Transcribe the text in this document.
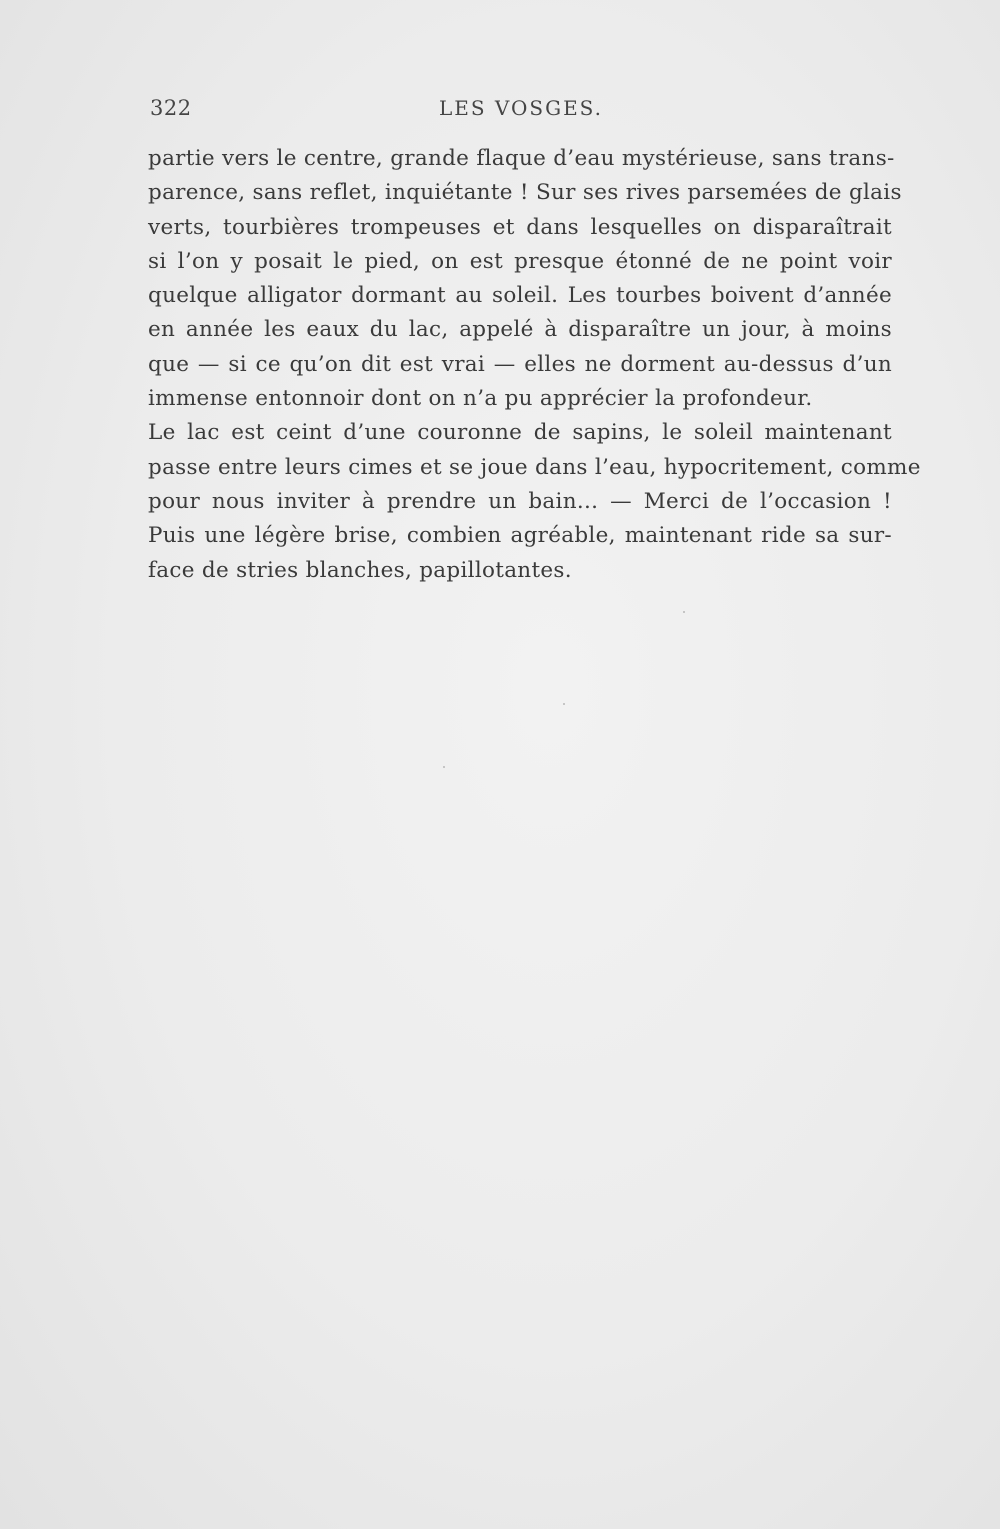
322	LES VOSGES.
partie vers le centre, grande flaque d’eau mystérieuse, sans trans-
parence, sans reflet, inquiétante ! Sur ses rives parsemées de glais
verts, tourbières trompeuses et dans lesquelles on disparaîtrait
si l’on y posait le pied, on est presque étonné de ne point voir
quelque alligator dormant au soleil. Les tourbes boivent d’année
en année les eaux du lac, appelé à disparaître un jour, à moins
que — si ce qu’on dit est vrai — elles ne dorment au-dessus d’un
immense entonnoir dont on n’a pu apprécier la profondeur.
Le lac est ceint d’une couronne de sapins, le soleil maintenant
passe entre leurs cimes et se joue dans l’eau, hypocritement, comme
pour nous inviter à prendre un bain... — Merci de l’occasion !
Puis une légère brise, combien agréable, maintenant ride sa sur-
face de stries blanches, papillotantes.
